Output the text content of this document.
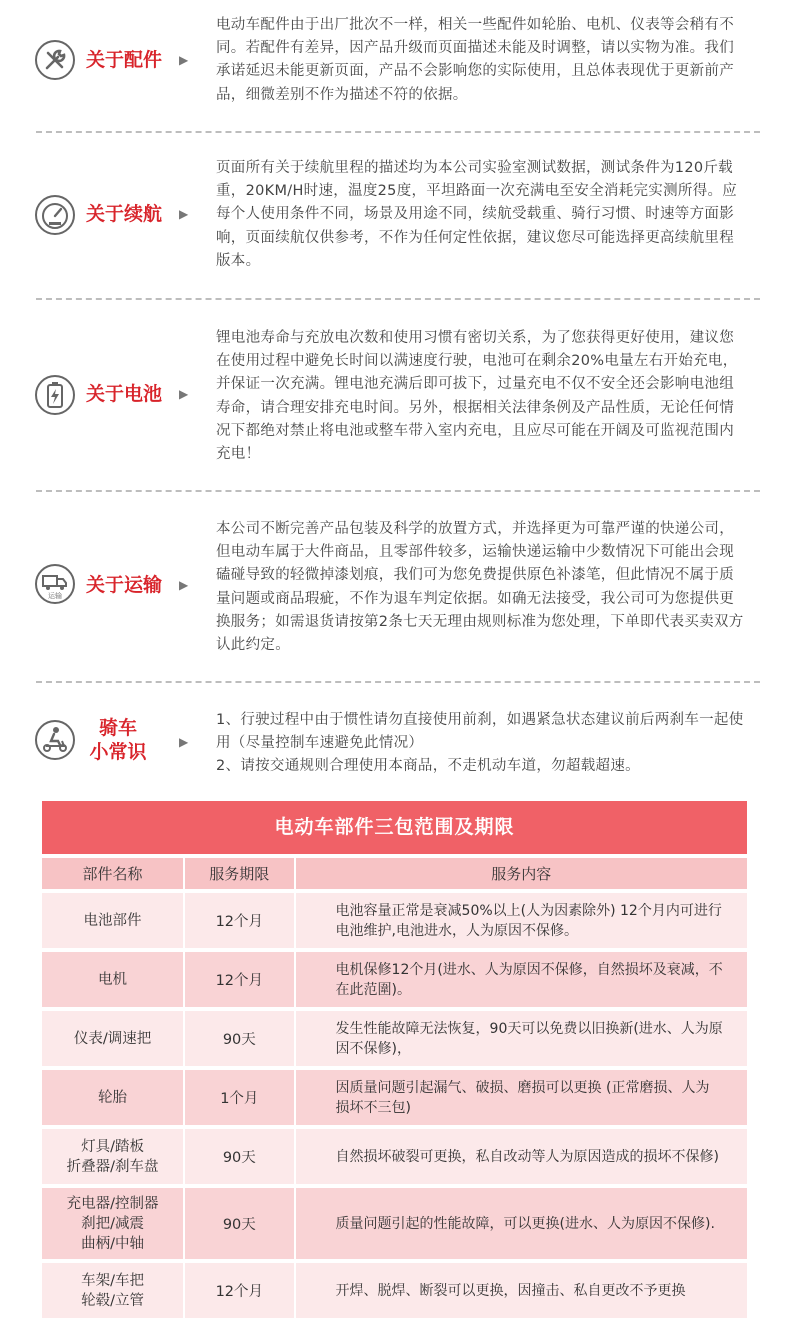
关于配件 ▶
电动车配件由于出厂批次不一样，相关一些配件如轮胎、电机、仪表等会稍有不同。若配件有差异，因产品升级而页面描述未能及时调整，请以实物为准。我们承诺延迟未能更新页面，产品不会影响您的实际使用，且总体表现优于更新前产品，细微差别不作为描述不符的依据。
关于续航 ▶
页面所有关于续航里程的描述均为本公司实验室测试数据，测试条件为120斤载重，20KM/H时速，温度25度，平坦路面一次充满电至安全消耗完实测所得。应每个人使用条件不同，场景及用途不同，续航受载重、骑行习惯、时速等方面影响，页面续航仅供参考，不作为任何定性依据，建议您尽可能选择更高续航里程版本。
关于电池 ▶
锂电池寿命与充放电次数和使用习惯有密切关系，为了您获得更好使用，建议您在使用过程中避免长时间以满速度行驶，电池可在剩余20%电量左右开始充电，并保证一次充满。锂电池充满后即可拔下，过量充电不仅不安全还会影响电池组寿命，请合理安排充电时间。另外，根据相关法律条例及产品性质，无论任何情况下都绝对禁止将电池或整车带入室内充电，且应尽可能在开阔及可监视范围内充电！
运输 关于运输 ▶
本公司不断完善产品包装及科学的放置方式，并选择更为可靠严谨的快递公司，但电动车属于大件商品，且零部件较多，运输快递运输中少数情况下可能出会现磕碰导致的轻微掉漆划痕，我们可为您免费提供原色补漆笔，但此情况不属于质量问题或商品瑕疵，不作为退车判定依据。如确无法接受，我公司可为您提供更换服务；如需退货请按第2条七天无理由规则标准为您处理，下单即代表买卖双方认此约定。
骑车
小常识	▶
1、行驶过程中由于惯性请勿直接使用前刹，如遇紧急状态建议前后两刹车一起使用（尽量控制车速避免此情况）
2、请按交通规则合理使用本商品，不走机动车道，勿超载超速。
电动车部件三包范围及期限
部件名称	服务期限	服务内容

电池部件	12个月	电池容量正常是衰减50%以上(人为因素除外) 12个月内可进行电池维护,电池进水，人为原因不保修。

电机	12个月	电机保修12个月(进水、人为原因不保修，自然损坏及衰减，不在此范圍)。

仪表/调速把	90天	发生性能故障无法恢复，90天可以免费以旧换新(进水、人为原因不保修)，

轮胎	1个月	因质量问题引起漏气、破损、磨损可以更换 (正常磨损、人为损坏不三包)

灯具/踏板
折叠器/刹车盘	90天	自然损坏破裂可更换，私自改动等人为原因造成的损坏不保修)

充电器/控制器
刹把/减震
曲柄/中轴	90天	质量问题引起的性能故障，可以更换(进水、人为原因不保修).

车架/车把
轮毂/立管	12个月	开焊、脱焊、断裂可以更换，因撞击、私自更改不予更换
